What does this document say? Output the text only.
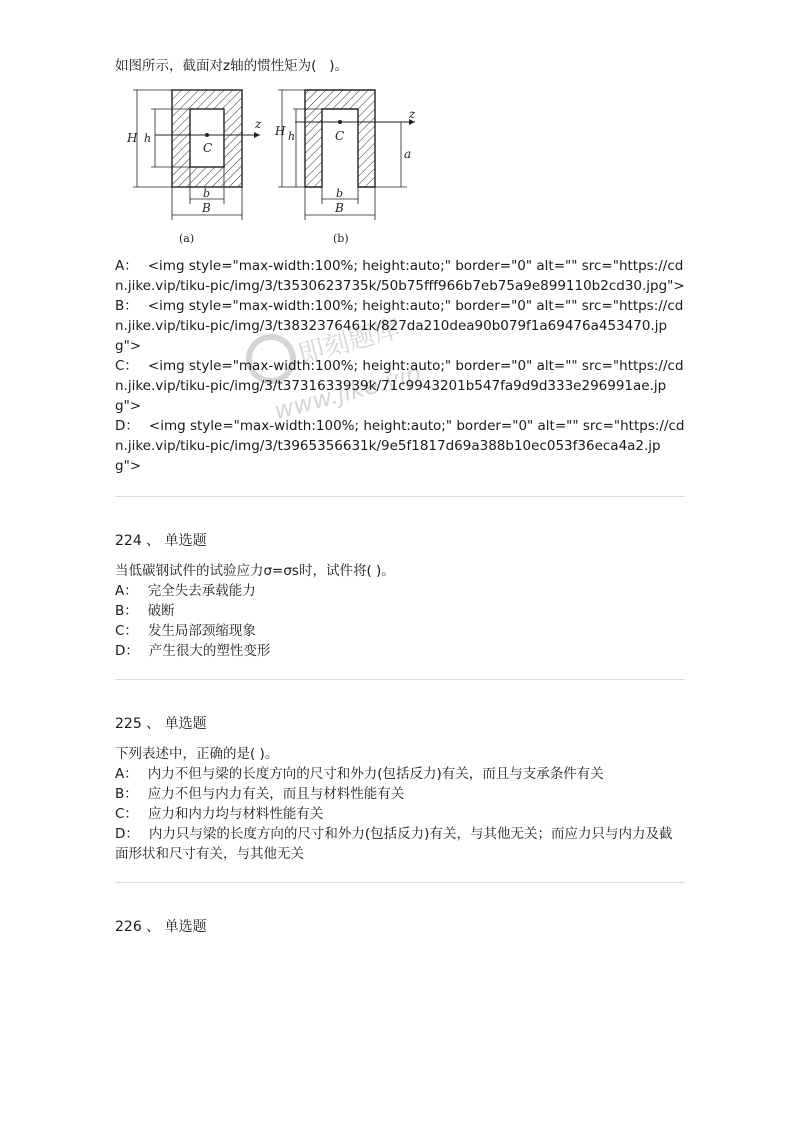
如图所示，截面对z轴的惯性矩为(   )。

z
C
H h
b
B
(a)
z
C
H h
a
b
B
(b)

A： <img style="max-width:100%; height:auto;" border="0" alt="" src="https://cdn.jike.vip/tiku-pic/img/3/t3530623735k/50b75fff966b7eb75a9e899110b2cd30.jpg">

B： <img style="max-width:100%; height:auto;" border="0" alt="" src="https://cdn.jike.vip/tiku-pic/img/3/t3832376461k/827da210dea90b079f1a69476a453470.jpg">

C： <img style="max-width:100%; height:auto;" border="0" alt="" src="https://cdn.jike.vip/tiku-pic/img/3/t3731633939k/71c9943201b547fa9d9d333e296991ae.jpg">

D： <img style="max-width:100%; height:auto;" border="0" alt="" src="https://cdn.jike.vip/tiku-pic/img/3/t3965356631k/9e5f1817d69a388b10ec053f36eca4a2.jpg">

224 、 单选题

当低碳钢试件的试验应力σ=σs时，试件将( )。

A： 完全失去承载能力

B： 破断

C： 发生局部颈缩现象

D： 产生很大的塑性变形

225 、 单选题

下列表述中，正确的是( )。

A： 内力不但与梁的长度方向的尺寸和外力(包括反力)有关，而且与支承条件有关

B： 应力不但与内力有关，而且与材料性能有关

C： 应力和内力均与材料性能有关

D： 内力只与梁的长度方向的尺寸和外力(包括反力)有关，与其他无关；而应力只与内力及截面形状和尺寸有关，与其他无关

226 、 单选题

即刻题库
www.jike.vip
